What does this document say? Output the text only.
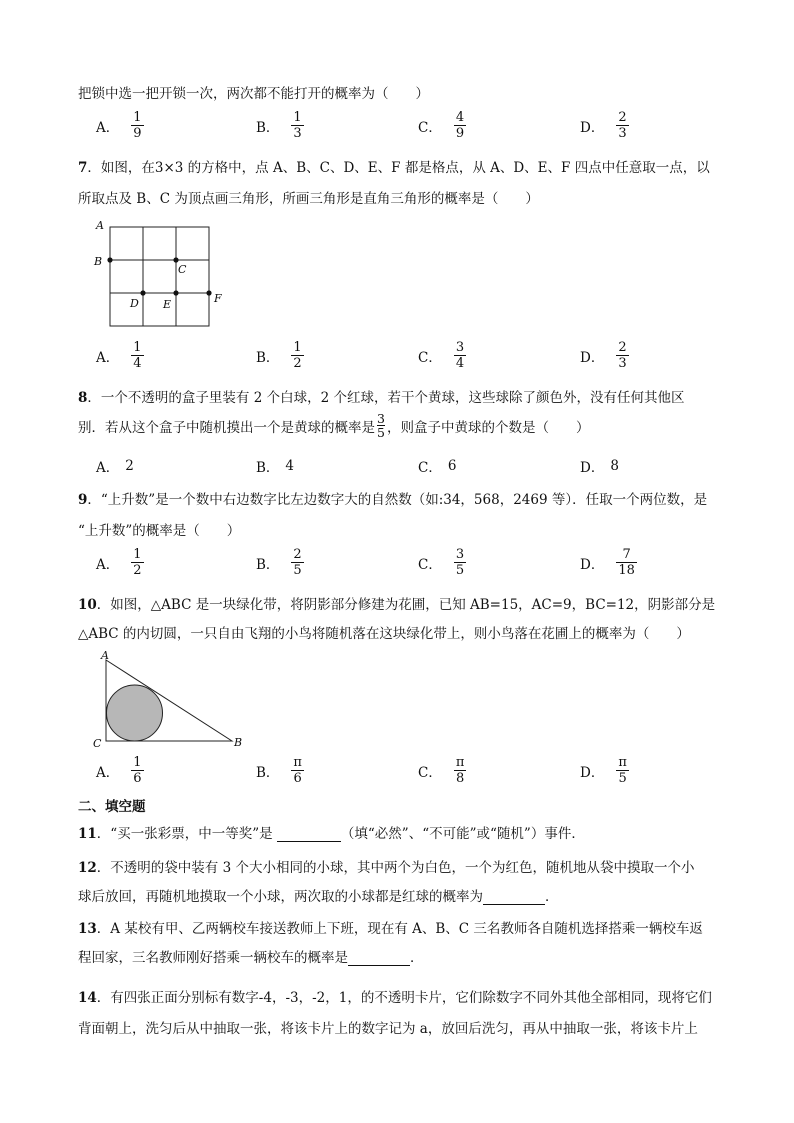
把锁中选一把开锁一次，两次都不能打开的概率为（　　）
A． $\frac{1}{9}$	B． $\frac{1}{3}$	C． $\frac{4}{9}$	D． $\frac{2}{3}$
7．如图，在3×3 的方格中，点 A、B、C、D、E、F 都是格点，从 A、D、E、F 四点中任意取一点，以
所取点及 B、C 为顶点画三角形，所画三角形是直角三角形的概率是（　　）
A
B
C
D E	F
A． $\frac{1}{4}$	B． $\frac{1}{2}$	C． $\frac{3}{4}$	D． $\frac{2}{3}$
8．一个不透明的盒子里装有 2 个白球，2 个红球，若干个黄球，这些球除了颜色外，没有任何其他区
别．若从这个盒子中随机摸出一个是黄球的概率是
3
5 ，则盒子中黄球的个数是（　　）
A． 2	B． 4	C． 6	D． 8
9．“上升数”是一个数中右边数字比左边数字大的自然数（如:34，568，2469 等）．任取一个两位数，是
“上升数”的概率是（　　）
A． $\frac{1}{2}$	B． $\frac{2}{5}$	C． $\frac{3}{5}$	D． $\frac{7}{18}$
10．如图，△ABC 是一块绿化带，将阴影部分修建为花圃，已知 AB=15，AC=9，BC=12，阴影部分是
△ABC 的内切圆，一只自由飞翔的小鸟将随机落在这块绿化带上，则小鸟落在花圃上的概率为（　　）
A
B
C
A． $\frac{1}{6}$	B． $\frac{\pi}{6}$	C． $\frac{\pi}{8}$	D． $\frac{\pi}{5}$
二、填空题
11．“买一张彩票，中一等奖”是	（填“必然”、“不可能”或“随机”）事件．
12．不透明的袋中装有 3 个大小相同的小球，其中两个为白色，一个为红色，随机地从袋中摸取一个小
球后放回，再随机地摸取一个小球，两次取的小球都是红球的概率为	．
13．A 某校有甲、乙两辆校车接送教师上下班，现在有 A、B、C 三名教师各自随机选择搭乘一辆校车返
程回家，三名教师刚好搭乘一辆校车的概率是	．
14．有四张正面分别标有数字-4，-3，-2，1，的不透明卡片，它们除数字不同外其他全部相同，现将它们
背面朝上，洗匀后从中抽取一张，将该卡片上的数字记为 a，放回后洗匀，再从中抽取一张，将该卡片上
